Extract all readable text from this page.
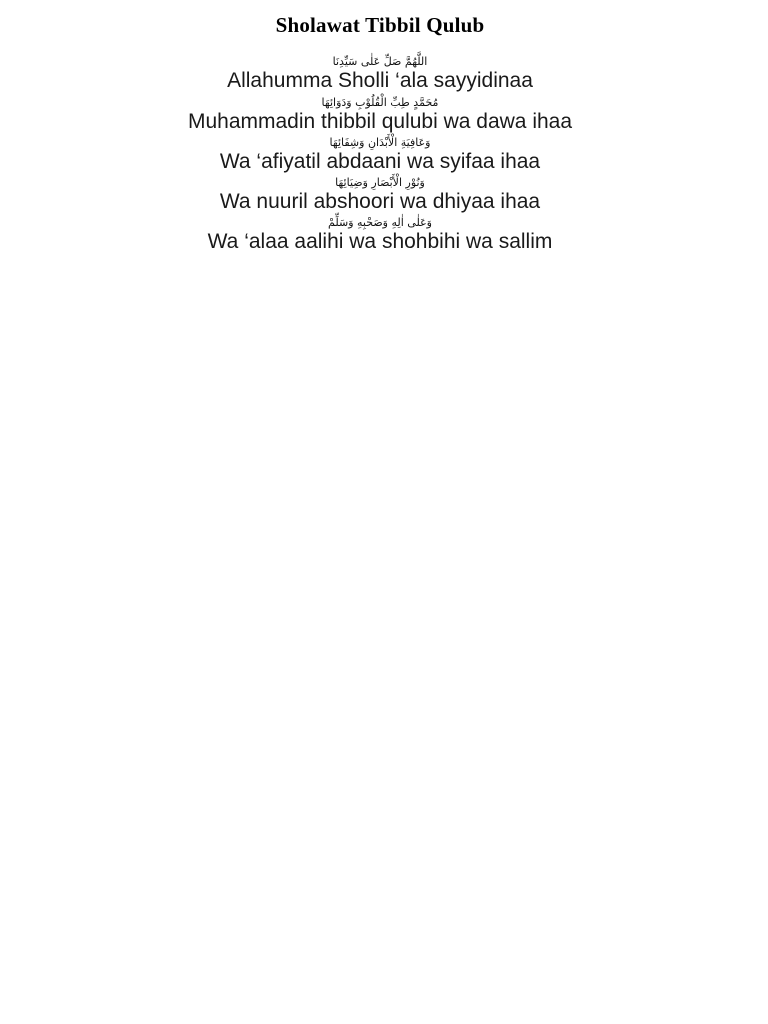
Sholawat Tibbil Qulub
اللَّهُمَّ صَلِّ عَلٰى سَيِّدِنَا
Allahumma Sholli ‘ala sayyidinaa
مُحَمَّدٍ طِبِّ الْقُلُوْبِ وَدَوَائِهَا
Muhammadin thibbil qulubi wa dawa ihaa
وَعَافِيَةِ الْأَبْدَانِ وَشِفَائِهَا
Wa ‘afiyatil abdaani wa syifaa ihaa
وَنُوْرِ الْأَبْصَارِ وَضِيَائِهَا
Wa nuuril abshoori wa dhiyaa ihaa
وَعَلٰى اٰلِهِ وَصَحْبِهِ وَسَلِّمْ
Wa ‘alaa aalihi wa shohbihi wa sallim
